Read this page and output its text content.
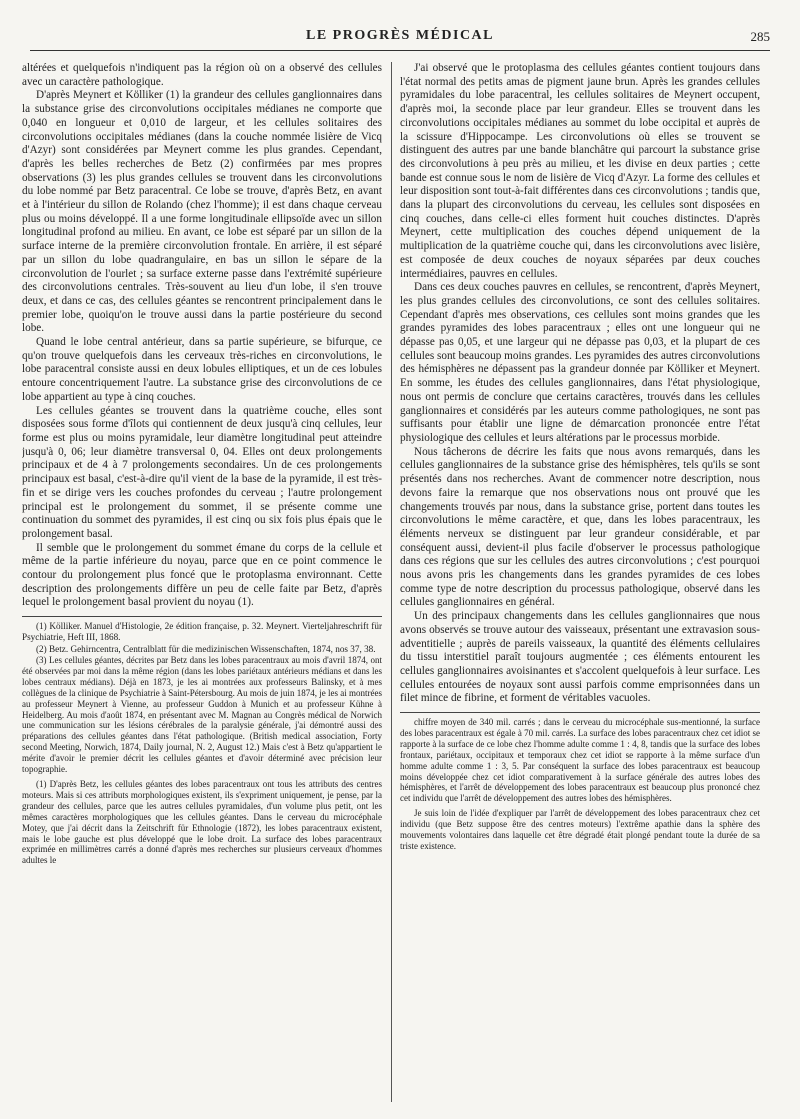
LE PROGRÈS MÉDICAL	285

altérées et quelquefois n'indiquent pas la région où on a observé des cellules avec un caractère pathologique.

D'après Meynert et Kölliker (1) la grandeur des cellules ganglionnaires dans la substance grise des circonvolutions occipitales médianes ne comporte que 0,040 en longueur et 0,010 de largeur, et les cellules solitaires des circonvolutions occipitales médianes (dans la couche nommée lisière de Vicq d'Azyr) sont considérées par Meynert comme les plus grandes. Cependant, d'après les belles recherches de Betz (2) confirmées par mes propres observations (3) les plus grandes cellules se trouvent dans les circonvolutions du lobe nommé par Betz paracentral. Ce lobe se trouve, d'après Betz, en avant et à l'intérieur du sillon de Rolando (chez l'homme); il est dans chaque cerveau plus ou moins développé. Il a une forme longitudinale ellipsoïde avec un sillon longitudinal profond au milieu. En avant, ce lobe est séparé par un sillon de la surface interne de la première circonvolution frontale. En arrière, il est séparé par un sillon du lobe quadrangulaire, en bas un sillon le sépare de la circonvolution de l'ourlet ; sa surface externe passe dans l'extrémité supérieure des circonvolutions centrales. Très-souvent au lieu d'un lobe, il s'en trouve deux, et dans ce cas, des cellules géantes se rencontrent principalement dans le premier lobe, quoiqu'on le trouve aussi dans la partie postérieure du second lobe.

Quand le lobe central antérieur, dans sa partie supérieure, se bifurque, ce qu'on trouve quelquefois dans les cerveaux très-riches en circonvolutions, le lobe paracentral consiste aussi en deux lobules elliptiques, et un de ces lobules entoure concentriquement l'autre. La substance grise des circonvolutions de ce lobe appartient au type à cinq couches.

Les cellules géantes se trouvent dans la quatrième couche, elles sont disposées sous forme d'îlots qui contiennent de deux jusqu'à cinq cellules, leur forme est plus ou moins pyramidale, leur diamètre longitudinal peut atteindre jusqu'à 0, 06; leur diamètre transversal 0, 04. Elles ont deux prolongements principaux et de 4 à 7 prolongements secondaires. Un de ces prolongements principaux est basal, c'est-à-dire qu'il vient de la base de la pyramide, il est très-fin et se dirige vers les couches profondes du cerveau ; l'autre prolongement principal est le prolongement du sommet, il se présente comme une continuation du sommet des pyramides, il est cinq ou six fois plus épais que le prolongement basal.

Il semble que le prolongement du sommet émane du corps de la cellule et même de la partie inférieure du noyau, parce que en ce point commence le contour du prolongement plus foncé que le protoplasma environnant. Cette description des prolongements diffère un peu de celle faite par Betz, d'après lequel le prolongement basal provient du noyau (1).

(1) Kölliker. Manuel d'Histologie, 2e édition française, p. 32. Meynert. Vierteljahreschrift für Psychiatrie, Heft III, 1868.

(2) Betz. Gehirncentra, Centralblatt für die medizinischen Wissenschaften, 1874, nos 37, 38.

(3) Les cellules géantes, décrites par Betz dans les lobes paracentraux au mois d'avril 1874, ont été observées par moi dans la même région (dans les lobes pariétaux antérieurs médians et dans les lobes centraux médians). Déjà en 1873, je les ai montrées aux professeurs Balinsky, et à mes collègues de la clinique de Psychiatrie à Saint-Pétersbourg. Au mois de juin 1874, je les ai montrées au professeur Meynert à Vienne, au professeur Guddon à Munich et au professeur Kühne à Heidelberg. Au mois d'août 1874, en présentant avec M. Magnan au Congrès médical de Norwich une communication sur les lésions cérébrales de la paralysie générale, j'ai démontré aussi des préparations des cellules géantes dans l'état pathologique. (British medical association, Forty second Meeting, Norwich, 1874, Daily journal, N. 2, August 12.) Mais c'est à Betz qu'appartient le mérite d'avoir le premier décrit les cellules géantes et d'avoir déterminé avec précision leur topographie.

(1) D'après Betz, les cellules géantes des lobes paracentraux ont tous les attributs des centres moteurs. Mais si ces attributs morphologiques existent, ils s'expriment uniquement, je pense, par la grandeur des cellules, parce que les autres cellules pyramidales, d'un volume plus petit, ont les mêmes caractères morphologiques que les cellules géantes. Dans le cerveau du microcéphale Motey, que j'ai décrit dans la Zeitschrift für Ethnologie (1872), les lobes paracentraux existent, mais le lobe gauche est plus développé que le lobe droit. La surface des lobes paracentraux exprimée en millimètres carrés a donné d'après mes recherches sur plusieurs cerveaux d'hommes adultes le

J'ai observé que le protoplasma des cellules géantes contient toujours dans l'état normal des petits amas de pigment jaune brun. Après les grandes cellules pyramidales du lobe paracentral, les cellules solitaires de Meynert occupent, d'après moi, la seconde place par leur grandeur. Elles se trouvent dans les circonvolutions occipitales médianes au sommet du lobe occipital et auprès de la scissure d'Hippocampe. Les circonvolutions où elles se trouvent se distinguent des autres par une bande blanchâtre qui parcourt la substance grise des circonvolutions à peu près au milieu, et les divise en deux parties ; cette bande est connue sous le nom de lisière de Vicq d'Azyr. La forme des cellules et leur disposition sont tout-à-fait différentes dans ces circonvolutions ; tandis que, dans la plupart des circonvolutions du cerveau, les cellules sont disposées en cinq couches, dans celle-ci elles forment huit couches distinctes. D'après Meynert, cette multiplication des couches dépend uniquement de la multiplication de la quatrième couche qui, dans les circonvolutions avec lisière, est composée de deux couches de noyaux séparées par deux couches intermédiaires, pauvres en cellules.

Dans ces deux couches pauvres en cellules, se rencontrent, d'après Meynert, les plus grandes cellules des circonvolutions, ce sont des cellules solitaires. Cependant d'après mes observations, ces cellules sont moins grandes que les grandes pyramides des lobes paracentraux ; elles ont une longueur qui ne dépasse pas 0,05, et une largeur qui ne dépasse pas 0,03, et la plupart de ces cellules sont beaucoup moins grandes. Les pyramides des autres circonvolutions des hémisphères ne dépassent pas la grandeur donnée par Kölliker et Meynert. En somme, les études des cellules ganglionnaires, dans l'état physiologique, nous ont permis de conclure que certains caractères, trouvés dans les cellules ganglionnaires et considérés par les auteurs comme pathologiques, ne sont pas suffisants pour établir une ligne de démarcation prononcée entre l'état physiologique des cellules et leurs altérations par le processus morbide.

Nous tâcherons de décrire les faits que nous avons remarqués, dans les cellules ganglionnaires de la substance grise des hémisphères, tels qu'ils se sont présentés dans nos recherches. Avant de commencer notre description, nous devons faire la remarque que nos observations nous ont prouvé que les changements trouvés par nous, dans la substance grise, portent dans toutes les circonvolutions le même caractère, et que, dans les lobes paracentraux, les éléments nerveux se distinguent par leur grandeur considérable, et par conséquent aussi, devient-il plus facile d'observer le processus pathologique dans ces régions que sur les cellules des autres circonvolutions ; c'est pourquoi nous avons pris les changements dans les grandes pyramides de ces lobes comme type de notre description du processus pathologique, observé dans les cellules ganglionnaires en général.

Un des principaux changements dans les cellules ganglionnaires que nous avons observés se trouve autour des vaisseaux, présentant une extravasion sous-adventitielle ; auprès de pareils vaisseaux, la quantité des éléments cellulaires du tissu interstitiel paraît toujours augmentée ; ces éléments entourent les cellules ganglionnaires avoisinantes et s'accolent quelquefois à leur surface. Les cellules entourées de noyaux sont aussi parfois comme emprisonnées dans un filet mince de fibrine, et forment de véritables vacuoles.

chiffre moyen de 340 mil. carrés ; dans le cerveau du microcéphale sus-mentionné, la surface des lobes paracentraux est égale à 70 mil. carrés. La surface des lobes paracentraux chez cet idiot se rapporte à la surface de ce lobe chez l'homme adulte comme 1 : 4, 8, tandis que la surface des lobes frontaux, pariétaux, occipitaux et temporaux chez cet idiot se rapporte à la même surface d'un homme adulte comme 1 : 3, 5. Par conséquent la surface des lobes paracentraux est beaucoup moins développée chez cet idiot comparativement à la surface générale des autres lobes des hémisphères, et l'arrêt de développement des lobes paracentraux est beaucoup plus prononcé chez cet individu que l'arrêt de développement des autres lobes des hémisphères.

Je suis loin de l'idée d'expliquer par l'arrêt de développement des lobes paracentraux chez cet individu (que Betz suppose être des centres moteurs) l'extrême apathie dans la sphère des mouvements volontaires dans laquelle cet être dégradé était plongé pendant toute la durée de sa triste existence.
